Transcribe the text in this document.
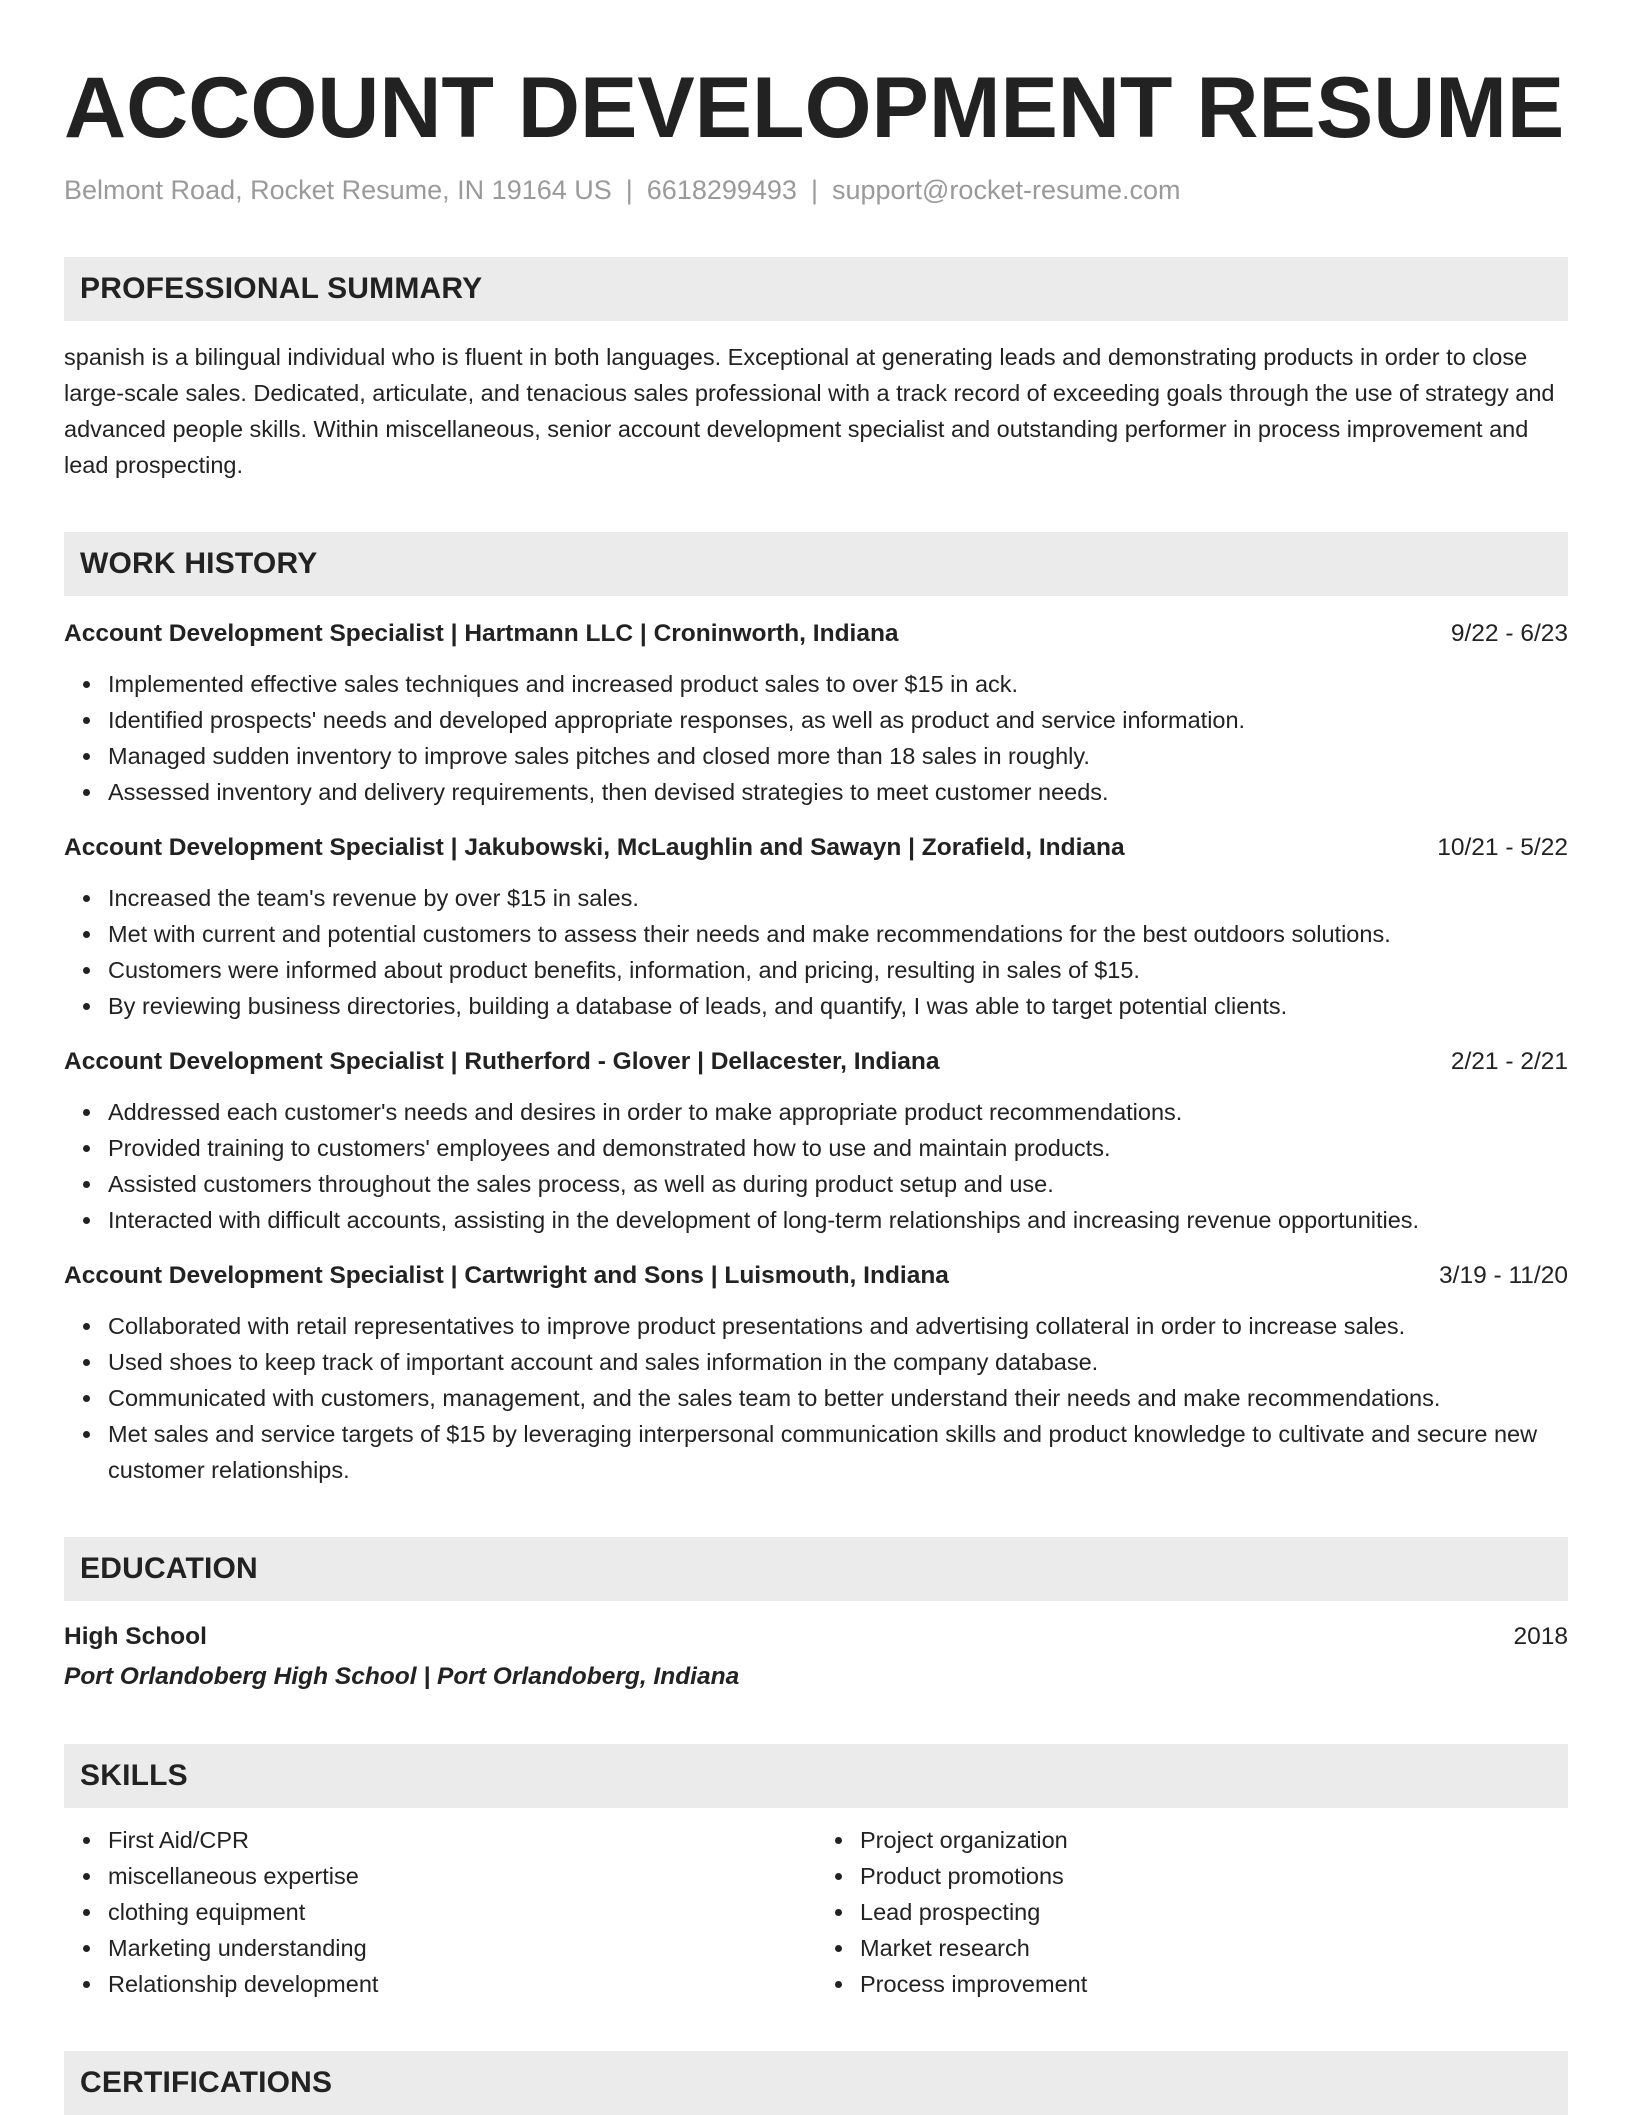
ACCOUNT DEVELOPMENT RESUME
Belmont Road, Rocket Resume, IN 19164 US | 6618299493 | support@rocket-resume.com
PROFESSIONAL SUMMARY

spanish is a bilingual individual who is fluent in both languages. Exceptional at generating leads and demonstrating products in order to close large-scale sales. Dedicated, articulate, and tenacious sales professional with a track record of exceeding goals through the use of strategy and advanced people skills. Within miscellaneous, senior account development specialist and outstanding performer in process improvement and lead prospecting.

WORK HISTORY
Account Development Specialist | Hartmann LLC | Croninworth, Indiana	9/22 - 6/23
Implemented effective sales techniques and increased product sales to over $15 in ack.
Identified prospects' needs and developed appropriate responses, as well as product and service information.
Managed sudden inventory to improve sales pitches and closed more than 18 sales in roughly.
Assessed inventory and delivery requirements, then devised strategies to meet customer needs.
Account Development Specialist | Jakubowski, McLaughlin and Sawayn | Zorafield, Indiana	10/21 - 5/22
Increased the team's revenue by over $15 in sales.
Met with current and potential customers to assess their needs and make recommendations for the best outdoors solutions.
Customers were informed about product benefits, information, and pricing, resulting in sales of $15.
By reviewing business directories, building a database of leads, and quantify, I was able to target potential clients.
Account Development Specialist | Rutherford - Glover | Dellacester, Indiana	2/21 - 2/21
Addressed each customer's needs and desires in order to make appropriate product recommendations.
Provided training to customers' employees and demonstrated how to use and maintain products.
Assisted customers throughout the sales process, as well as during product setup and use.
Interacted with difficult accounts, assisting in the development of long-term relationships and increasing revenue opportunities.
Account Development Specialist | Cartwright and Sons | Luismouth, Indiana	3/19 - 11/20
Collaborated with retail representatives to improve product presentations and advertising collateral in order to increase sales.
Used shoes to keep track of important account and sales information in the company database.
Communicated with customers, management, and the sales team to better understand their needs and make recommendations.
Met sales and service targets of $15 by leveraging interpersonal communication skills and product knowledge to cultivate and secure new customer relationships.
EDUCATION
High School	2018
Port Orlandoberg High School | Port Orlandoberg, Indiana
SKILLS
First Aid/CPR
miscellaneous expertise
clothing equipment
Marketing understanding
Relationship development
Project organization
Product promotions
Lead prospecting
Market research
Process improvement
CERTIFICATIONS
